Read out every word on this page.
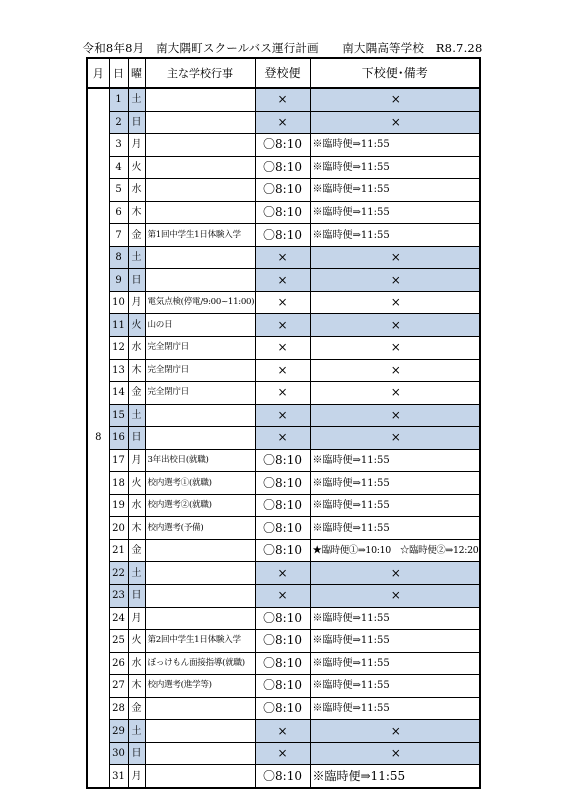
令和8年8月　南大隅町スクールバス運行計画　　南大隅高等学校　R8.7.28
月	日	曜	主な学校行事	登校便	下校便･備考
8	1	土		×	×
	2	日		×	×
	3	月		〇8:10	※臨時便⇒11:55
	4	火		〇8:10	※臨時便⇒11:55
	5	水		〇8:10	※臨時便⇒11:55
	6	木		〇8:10	※臨時便⇒11:55
	7	金	第1回中学生1日体験入学	〇8:10	※臨時便⇒11:55
	8	土		×	×
	9	日		×	×
	10	月	電気点検(停電/9:00~11:00)	×	×
	11	火	山の日	×	×
	12	水	完全閉庁日	×	×
	13	木	完全閉庁日	×	×
	14	金	完全閉庁日	×	×
	15	土		×	×
	16	日		×	×
	17	月	3年出校日(就職)	〇8:10	※臨時便⇒11:55
	18	火	校内選考①(就職)	〇8:10	※臨時便⇒11:55
	19	水	校内選考②(就職)	〇8:10	※臨時便⇒11:55
	20	木	校内選考(予備)	〇8:10	※臨時便⇒11:55
	21	金		〇8:10	★臨時便①⇒10:10　☆臨時便②⇒12:20
	22	土		×	×
	23	日		×	×
	24	月		〇8:10	※臨時便⇒11:55
	25	火	第2回中学生1日体験入学	〇8:10	※臨時便⇒11:55
	26	水	ぼっけもん面接指導(就職)	〇8:10	※臨時便⇒11:55
	27	木	校内選考(進学等)	〇8:10	※臨時便⇒11:55
	28	金		〇8:10	※臨時便⇒11:55
	29	土		×	×
	30	日		×	×
	31	月		〇8:10	※臨時便⇒11:55
